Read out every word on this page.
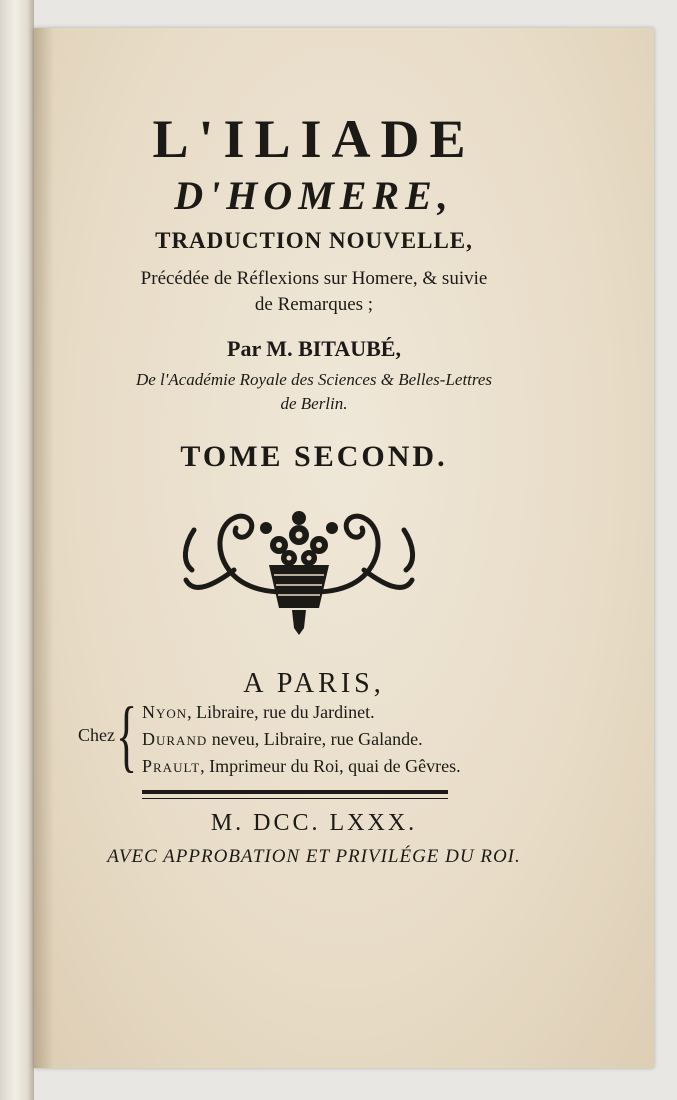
L'ILIADE
D'HOMERE,
TRADUCTION NOUVELLE,
Précédée de Réflexions sur Homere, & suivie
de Remarques ;
Par M. BITAUBÉ,
De l'Académie Royale des Sciences & Belles-Lettres
de Berlin.
TOME SECOND.
A PARIS,
Chez { Nyon, Libraire, rue du Jardinet.
Durand neveu, Libraire, rue Galande.
Prault, Imprimeur du Roi, quai de Gêvres.
M. DCC. LXXX.
AVEC APPROBATION ET PRIVILÉGE DU ROI.
